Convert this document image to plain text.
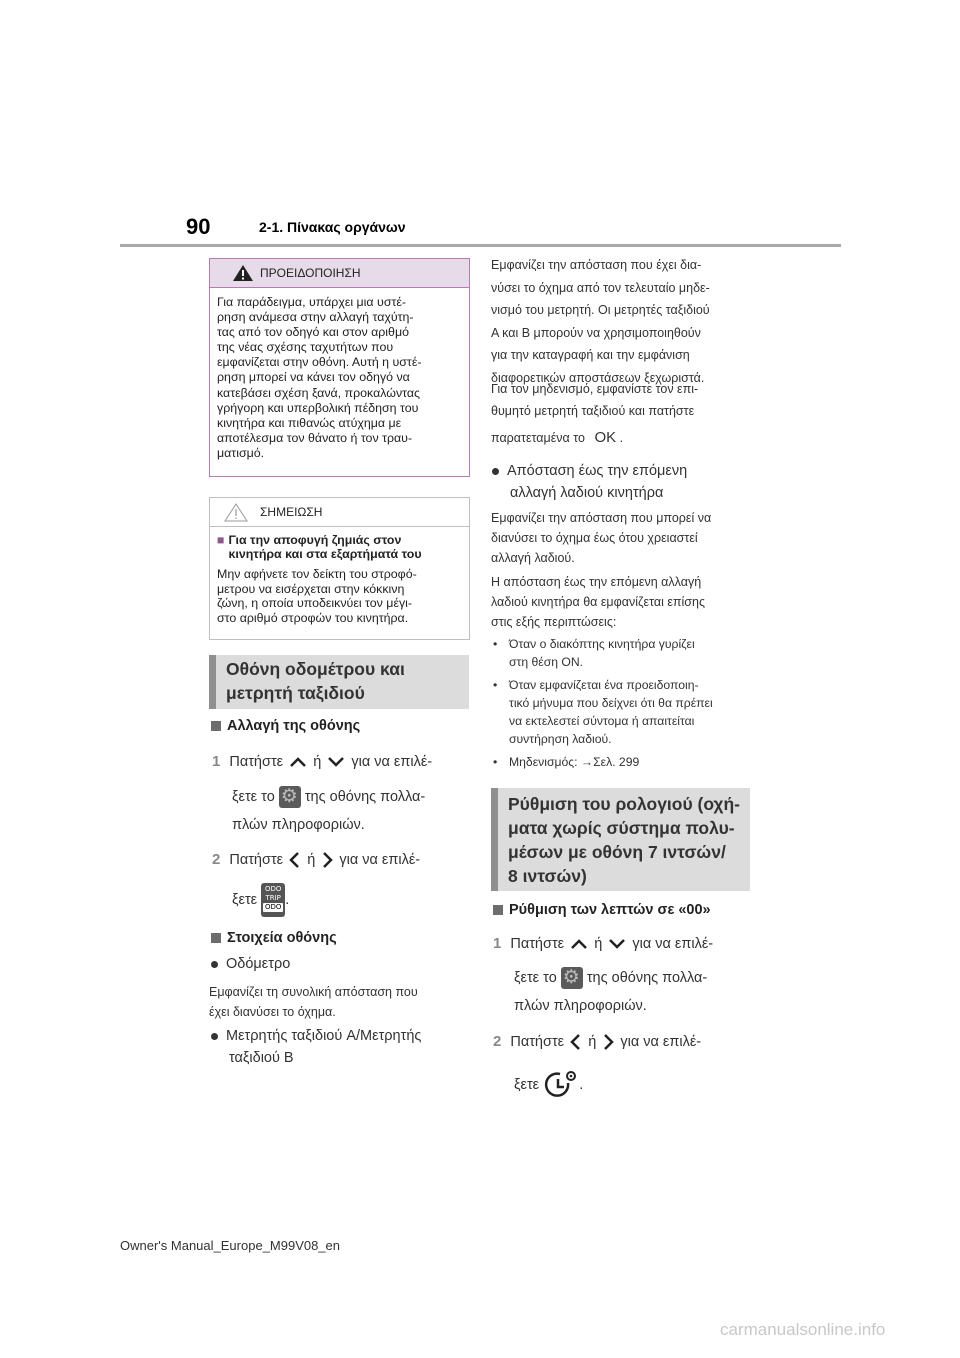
90	2-1. Πίνακας οργάνων
ΠΡΟΕΙΔΟΠΟΙΗΣΗ
Για παράδειγμα, υπάρχει μια υστέ-
ρηση ανάμεσα στην αλλαγή ταχύτη-
τας από τον οδηγό και στον αριθμό
της νέας σχέσης ταχυτήτων που
εμφανίζεται στην οθόνη. Αυτή η υστέ-
ρηση μπορεί να κάνει τον οδηγό να
κατεβάσει σχέση ξανά, προκαλώντας
γρήγορη και υπερβολική πέδηση του
κινητήρα και πιθανώς ατύχημα με
αποτέλεσμα τον θάνατο ή τον τραυ-
ματισμό.
ΣΗΜΕΙΩΣΗ
■ Για την αποφυγή ζημιάς στον
κινητήρα και στα εξαρτήματά του
Μην αφήνετε τον δείκτη του στροφό-
μετρου να εισέρχεται στην κόκκινη
ζώνη, η οποία υποδεικνύει τον μέγι-
στο αριθμό στροφών του κινητήρα.
Οθόνη οδομέτρου και
μετρητή ταξιδιού
Αλλαγή της οθόνης
1 Πατήστε ή για να επιλέ-
ξετε το ⚙ της οθόνης πολλα-
πλών πληροφοριών.
2 Πατήστε ή για να επιλέ-
ξετε
ODO
TRIP
ODO .
Στοιχεία οθόνης
Οδόμετρο
Εμφανίζει τη συνολική απόσταση που
έχει διανύσει το όχημα.
Μετρητής ταξιδιού A/Μετρητής
ταξιδιού B
Εμφανίζει την απόσταση που έχει δια-
νύσει το όχημα από τον τελευταίο μηδε-
νισμό του μετρητή. Οι μετρητές ταξιδιού
A και B μπορούν να χρησιμοποιηθούν
για την καταγραφή και την εμφάνιση
διαφορετικών αποστάσεων ξεχωριστά.
Για τον μηδενισμό, εμφανίστε τον επι-
θυμητό μετρητή ταξιδιού και πατήστε
παρατεταμένα το OK .
Απόσταση έως την επόμενη
αλλαγή λαδιού κινητήρα
Εμφανίζει την απόσταση που μπορεί να
διανύσει το όχημα έως ότου χρειαστεί
αλλαγή λαδιού.
Η απόσταση έως την επόμενη αλλαγή
λαδιού κινητήρα θα εμφανίζεται επίσης
στις εξής περιπτώσεις:
• Όταν ο διακόπτης κινητήρα γυρίζει
στη θέση ON.
• Όταν εμφανίζεται ένα προειδοποιη-
τικό μήνυμα που δείχνει ότι θα πρέπει
να εκτελεστεί σύντομα ή απαιτείται
συντήρηση λαδιού.
• Μηδενισμός: →Σελ. 299
Ρύθμιση του ρολογιού (οχή-
ματα χωρίς σύστημα πολυ-
μέσων με οθόνη 7 ιντσών/
8 ιντσών)
Ρύθμιση των λεπτών σε «00»
1 Πατήστε ή για να επιλέ-
ξετε το ⚙ της οθόνης πολλα-
πλών πληροφοριών.
2 Πατήστε ή για να επιλέ-
ξετε	.
Owner's Manual_Europe_M99V08_en
carmanualsonline.info
